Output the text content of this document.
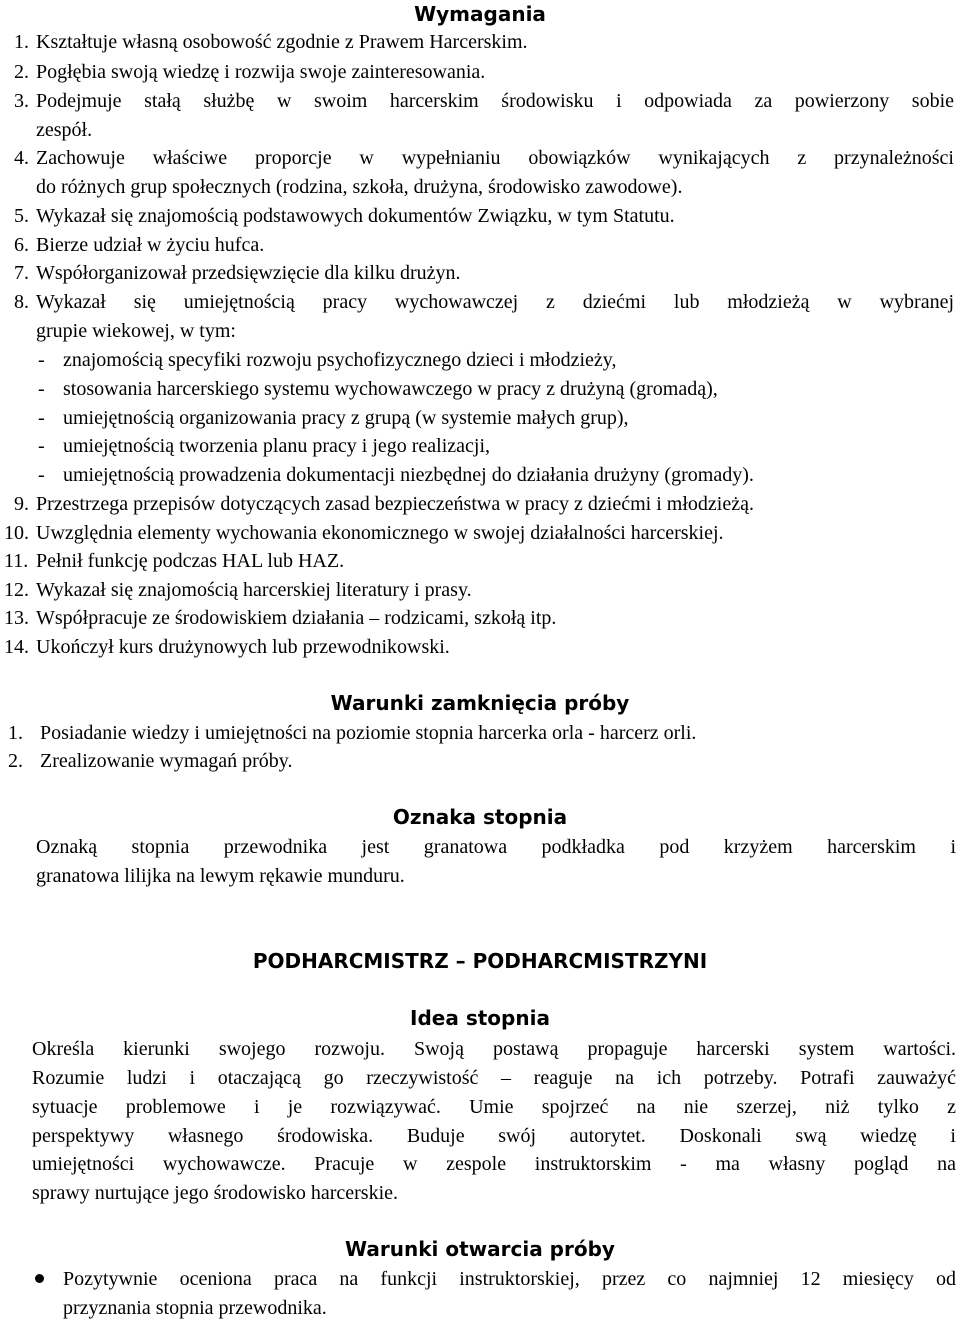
Wymagania
1. Kształtuje własną osobowość zgodnie z Prawem Harcerskim.
2. Pogłębia swoją wiedzę i rozwija swoje zainteresowania.
3. Podejmuje stałą służbę w swoim harcerskim środowisku i odpowiada za powierzony sobie
zespół.
4. Zachowuje właściwe proporcje w wypełnianiu obowiązków wynikających z przynależności
do różnych grup społecznych (rodzina, szkoła, drużyna, środowisko zawodowe).
5. Wykazał się znajomością podstawowych dokumentów Związku, w tym Statutu.
6. Bierze udział w życiu hufca.
7. Współorganizował przedsięwzięcie dla kilku drużyn.
8. Wykazał się umiejętnością pracy wychowawczej z dziećmi lub młodzieżą w wybranej
grupie wiekowej, w tym:
- znajomością specyfiki rozwoju psychofizycznego dzieci i młodzieży,
- stosowania harcerskiego systemu wychowawczego w pracy z drużyną (gromadą),
- umiejętnością organizowania pracy z grupą (w systemie małych grup),
- umiejętnością tworzenia planu pracy i jego realizacji,
- umiejętnością prowadzenia dokumentacji niezbędnej do działania drużyny (gromady).
9. Przestrzega przepisów dotyczących zasad bezpieczeństwa w pracy z dziećmi i młodzieżą.
10. Uwzględnia elementy wychowania ekonomicznego w swojej działalności harcerskiej.
11. Pełnił funkcję podczas HAL lub HAZ.
12. Wykazał się znajomością harcerskiej literatury i prasy.
13. Współpracuje ze środowiskiem działania – rodzicami, szkołą itp.
14. Ukończył kurs drużynowych lub przewodnikowski.
Warunki zamknięcia próby
1. Posiadanie wiedzy i umiejętności na poziomie stopnia harcerka orla - harcerz orli.
2. Zrealizowanie wymagań próby.
Oznaka stopnia
Oznaką stopnia przewodnika jest granatowa podkładka pod krzyżem harcerskim i
granatowa lilijka na lewym rękawie munduru.
PODHARCMISTRZ – PODHARCMISTRZYNI
Idea stopnia
Określa kierunki swojego rozwoju. Swoją postawą propaguje harcerski system wartości.
Rozumie ludzi i otaczającą go rzeczywistość – reaguje na ich potrzeby. Potrafi zauważyć
sytuacje problemowe i je rozwiązywać. Umie spojrzeć na nie szerzej, niż tylko z
perspektywy własnego środowiska. Buduje swój autorytet. Doskonali swą wiedzę i
umiejętności wychowawcze. Pracuje w zespole instruktorskim - ma własny pogląd na
sprawy nurtujące jego środowisko harcerskie.
Warunki otwarcia próby
Pozytywnie oceniona praca na funkcji instruktorskiej, przez co najmniej 12 miesięcy od
przyznania stopnia przewodnika.
